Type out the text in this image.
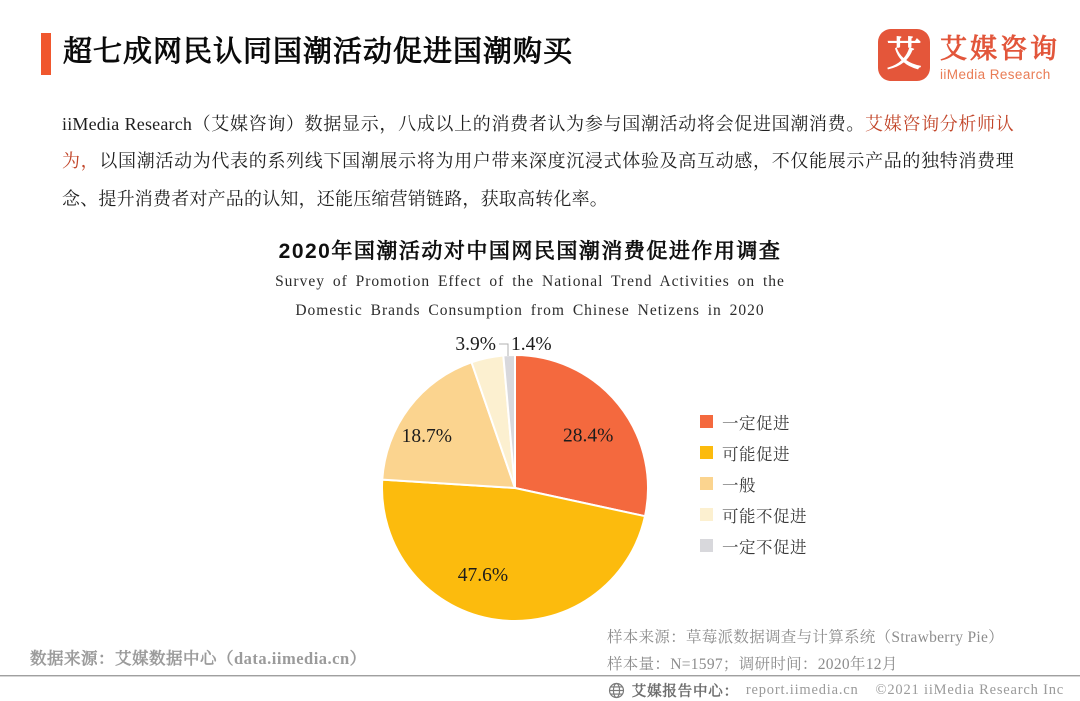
超七成网民认同国潮活动促进国潮购买	艾 艾媒咨询
iiMedia Research

iiMedia Research（艾媒咨询）数据显示，八成以上的消费者认为参与国潮活动将会促进国潮消费。艾媒咨询分析师认为，以国潮活动为代表的系列线下国潮展示将为用户带来深度沉浸式体验及高互动感，不仅能展示产品的独特消费理念、提升消费者对产品的认知，还能压缩营销链路，获取高转化率。

2020年国潮活动对中国网民国潮消费促进作用调查
Survey of Promotion Effect of the National Trend Activities on the
Domestic Brands Consumption from Chinese Netizens in 2020
28.4%
47.6%
18.7%
3.9% 1.4%
一定促进
可能促进
一般
可能不促进
一定不促进
数据来源：艾媒数据中心（data.iimedia.cn）
样本来源：草莓派数据调查与计算系统（Strawberry Pie）
样本量：N=1597；调研时间：2020年12月
艾媒报告中心： report.iimedia.cn ©2021 iiMedia Research Inc
